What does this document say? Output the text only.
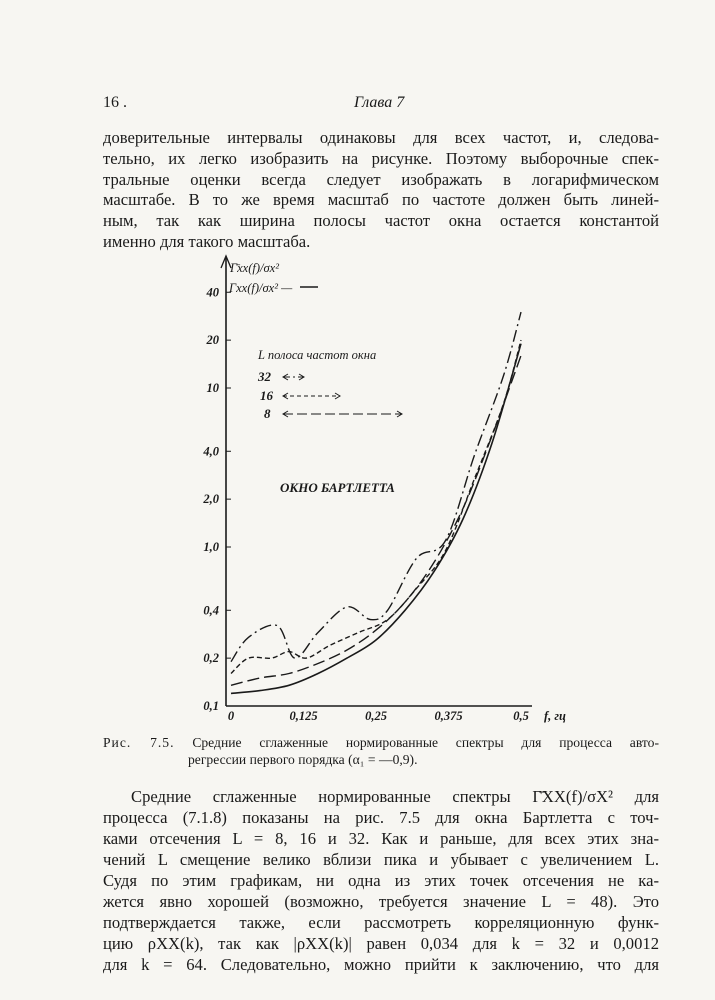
16 .	Глава 7

доверительные интервалы одинаковы для всех частот, и, следова-
тельно, их легко изобразить на рисунке. Поэтому выборочные спек-
тральные оценки всегда следует изображать в логарифмическом
масштабе. В то же время масштаб по частоте должен быть линей-
ным, так как ширина полосы частот окна остается константой
именно для такого масштаба.

0,1
0,2
0,4
1,0
2,0
4,0
10
20
40
0	0,125	0,25	0,375	0,5
Γ̄xx(f)/σx²
Γxx(f)/σx² —
L полоса частот окна
32
16
8
ОКНО БАРТЛЕТТА
f, гц

Рис. 7.5. Средние сглаженные нормированные спектры для процесса авто-
регрессии первого порядка (α₁ = —0,9).

Средние сглаженные нормированные спектры Γ̄XX(f)/σX² для
процесса (7.1.8) показаны на рис. 7.5 для окна Бартлетта с точ-
ками отсечения L = 8, 16 и 32. Как и раньше, для всех этих зна-
чений L смещение велико вблизи пика и убывает с увеличением L.
Судя по этим графикам, ни одна из этих точек отсечения не ка-
жется явно хорошей (возможно, требуется значение L = 48). Это
подтверждается также, если рассмотреть корреляционную функ-
цию ρXX(k), так как |ρXX(k)| равен 0,034 для k = 32 и 0,0012
для k = 64. Следовательно, можно прийти к заключению, что для
